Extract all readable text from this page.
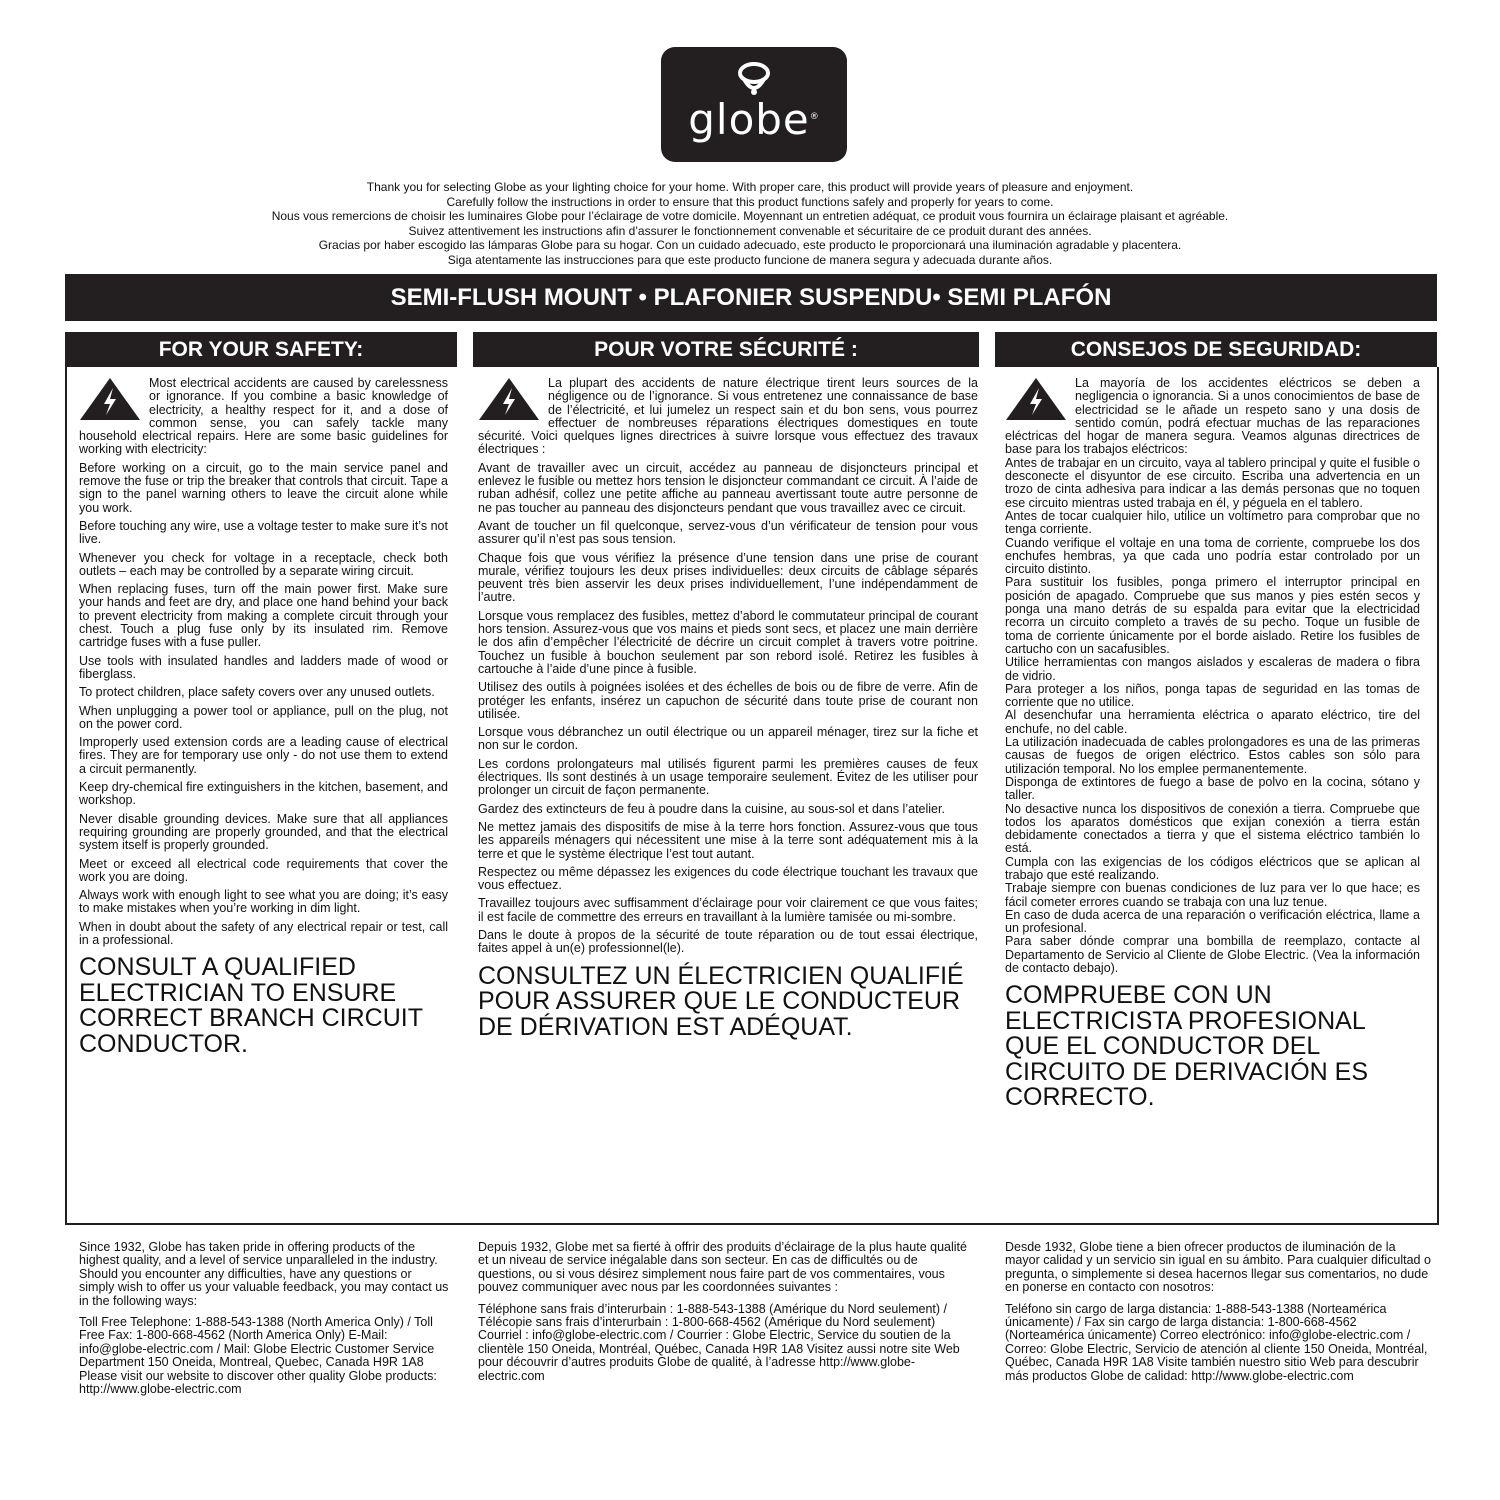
globe®

Thank you for selecting Globe as your lighting choice for your home. With proper care, this product will provide years of pleasure and enjoyment.

Carefully follow the instructions in order to ensure that this product functions safely and properly for years to come.

Nous vous remercions de choisir les luminaires Globe pour l’éclairage de votre domicile. Moyennant un entretien adéquat, ce produit vous fournira un éclairage plaisant et agréable.

Suivez attentivement les instructions afin d’assurer le fonctionnement convenable et sécuritaire de ce produit durant des années.

Gracias por haber escogido las lámparas Globe para su hogar. Con un cuidado adecuado, este producto le proporcionará una iluminación agradable y placentera.

Siga atentamente las instrucciones para que este producto funcione de manera segura y adecuada durante años.

SEMI-FLUSH MOUNT • PLAFONIER SUSPENDU• SEMI PLAFÓN
FOR YOUR SAFETY:	POUR VOTRE SÉCURITÉ :	CONSEJOS DE SEGURIDAD:

Most electrical accidents are caused by carelessness or ignorance. If you combine a basic knowledge of electricity, a healthy respect for it, and a dose of common sense, you can safely tackle many household electrical repairs. Here are some basic guidelines for working with electricity:

Before working on a circuit, go to the main service panel and remove the fuse or trip the breaker that controls that circuit. Tape a sign to the panel warning others to leave the circuit alone while you work.

Before touching any wire, use a voltage tester to make sure it’s not live.

Whenever you check for voltage in a receptacle, check both outlets – each may be controlled by a separate wiring circuit.

When replacing fuses, turn off the main power first. Make sure your hands and feet are dry, and place one hand behind your back to prevent electricity from making a complete circuit through your chest. Touch a plug fuse only by its insulated rim. Remove cartridge fuses with a fuse puller.

Use tools with insulated handles and ladders made of wood or fiberglass.

To protect children, place safety covers over any unused outlets.

When unplugging a power tool or appliance, pull on the plug, not on the power cord.

Improperly used extension cords are a leading cause of electrical fires. They are for temporary use only - do not use them to extend a circuit permanently.

Keep dry-chemical fire extinguishers in the kitchen, basement, and workshop.

Never disable grounding devices. Make sure that all appliances requiring grounding are properly grounded, and that the electrical system itself is properly grounded.

Meet or exceed all electrical code requirements that cover the work you are doing.

Always work with enough light to see what you are doing; it’s easy to make mistakes when you’re working in dim light.

When in doubt about the safety of any electrical repair or test, call in a professional.

CONSULT A QUALIFIED ELECTRICIAN TO ENSURE CORRECT BRANCH CIRCUIT CONDUCTOR.

La plupart des accidents de nature électrique tirent leurs sources de la négligence ou de l’ignorance. Si vous entretenez une connaissance de base de l’électricité, et lui jumelez un respect sain et du bon sens, vous pourrez effectuer de nombreuses réparations électriques domestiques en toute sécurité. Voici quelques lignes directrices à suivre lorsque vous effectuez des travaux électriques :

Avant de travailler avec un circuit, accédez au panneau de disjoncteurs principal et enlevez le fusible ou mettez hors tension le disjoncteur commandant ce circuit. À l’aide de ruban adhésif, collez une petite affiche au panneau avertissant toute autre personne de ne pas toucher au panneau des disjoncteurs pendant que vous travaillez avec ce circuit.

Avant de toucher un fil quelconque, servez-vous d’un vérificateur de tension pour vous assurer qu’il n’est pas sous tension.

Chaque fois que vous vérifiez la présence d’une tension dans une prise de courant murale, vérifiez toujours les deux prises individuelles: deux circuits de câblage séparés peuvent très bien asservir les deux prises individuellement, l’une indépendamment de l’autre.

Lorsque vous remplacez des fusibles, mettez d’abord le commutateur principal de courant hors tension. Assurez-vous que vos mains et pieds sont secs, et placez une main derrière le dos afin d’empêcher l’électricité de décrire un circuit complet à travers votre poitrine. Touchez un fusible à bouchon seulement par son rebord isolé. Retirez les fusibles à cartouche à l’aide d’une pince à fusible.

Utilisez des outils à poignées isolées et des échelles de bois ou de fibre de verre. Afin de protéger les enfants, insérez un capuchon de sécurité dans toute prise de courant non utilisée.

Lorsque vous débranchez un outil électrique ou un appareil ménager, tirez sur la fiche et non sur le cordon.

Les cordons prolongateurs mal utilisés figurent parmi les premières causes de feux électriques. Ils sont destinés à un usage temporaire seulement. Évitez de les utiliser pour prolonger un circuit de façon permanente.

Gardez des extincteurs de feu à poudre dans la cuisine, au sous-sol et dans l’atelier.

Ne mettez jamais des dispositifs de mise à la terre hors fonction. Assurez-vous que tous les appareils ménagers qui nécessitent une mise à la terre sont adéquatement mis à la terre et que le système électrique l’est tout autant.

Respectez ou même dépassez les exigences du code électrique touchant les travaux que vous effectuez.

Travaillez toujours avec suffisamment d’éclairage pour voir clairement ce que vous faites; il est facile de commettre des erreurs en travaillant à la lumière tamisée ou mi-sombre.

Dans le doute à propos de la sécurité de toute réparation ou de tout essai électrique, faites appel à un(e) professionnel(le).

CONSULTEZ UN ÉLECTRICIEN QUALIFIÉ POUR ASSURER QUE LE CONDUCTEUR DE DÉRIVATION EST ADÉQUAT.

La mayoría de los accidentes eléctricos se deben a negligencia o ignorancia. Si a unos conocimientos de base de electricidad se le añade un respeto sano y una dosis de sentido común, podrá efectuar muchas de las reparaciones eléctricas del hogar de manera segura. Veamos algunas directrices de base para los trabajos eléctricos:

Antes de trabajar en un circuito, vaya al tablero principal y quite el fusible o desconecte el disyuntor de ese circuito. Escriba una advertencia en un trozo de cinta adhesiva para indicar a las demás personas que no toquen ese circuito mientras usted trabaja en él, y péguela en el tablero.

Antes de tocar cualquier hilo, utilice un voltímetro para comprobar que no tenga corriente.

Cuando verifique el voltaje en una toma de corriente, compruebe los dos enchufes hembras, ya que cada uno podría estar controlado por un circuito distinto.

Para sustituir los fusibles, ponga primero el interruptor principal en posición de apagado. Compruebe que sus manos y pies estén secos y ponga una mano detrás de su espalda para evitar que la electricidad recorra un circuito completo a través de su pecho. Toque un fusible de toma de corriente únicamente por el borde aislado. Retire los fusibles de cartucho con un sacafusibles.

Utilice herramientas con mangos aislados y escaleras de madera o fibra de vidrio.

Para proteger a los niños, ponga tapas de seguridad en las tomas de corriente que no utilice.

Al desenchufar una herramienta eléctrica o aparato eléctrico, tire del enchufe, no del cable.

La utilización inadecuada de cables prolongadores es una de las primeras causas de fuegos de origen eléctrico. Estos cables son sólo para utilización temporal. No los emplee permanentemente.

Disponga de extintores de fuego a base de polvo en la cocina, sótano y taller.

No desactive nunca los dispositivos de conexión a tierra. Compruebe que todos los aparatos domésticos que exijan conexión a tierra están debidamente conectados a tierra y que el sistema eléctrico también lo está.

Cumpla con las exigencias de los códigos eléctricos que se aplican al trabajo que esté realizando.

Trabaje siempre con buenas condiciones de luz para ver lo que hace; es fácil cometer errores cuando se trabaja con una luz tenue.

En caso de duda acerca de una reparación o verificación eléctrica, llame a un profesional.

Para saber dónde comprar una bombilla de reemplazo, contacte al Departamento de Servicio al Cliente de Globe Electric. (Vea la información de contacto debajo).

COMPRUEBE CON UN ELECTRICISTA PROFESIONAL QUE EL CONDUCTOR DEL CIRCUITO DE DERIVACIÓN ES CORRECTO.

Since 1932, Globe has taken pride in offering products of the highest quality, and a level of service unparalleled in the industry. Should you encounter any difficulties, have any questions or simply wish to offer us your valuable feedback, you may contact us in the following ways:

Toll Free Telephone: 1-888-543-1388 (North America Only) / Toll Free Fax: 1-800-668-4562 (North America Only) E-Mail: info@globe-electric.com / Mail: Globe Electric Customer Service Department 150 Oneida, Montreal, Quebec, Canada H9R 1A8 Please visit our website to discover other quality Globe products: http://www.globe-electric.com

Depuis 1932, Globe met sa fierté à offrir des produits d’éclairage de la plus haute qualité et un niveau de service inégalable dans son secteur. En cas de difficultés ou de questions, ou si vous désirez simplement nous faire part de vos commentaires, vous pouvez communiquer avec nous par les coordonnées suivantes :

Téléphone sans frais d’interurbain : 1-888-543-1388 (Amérique du Nord seulement) / Télécopie sans frais d’interurbain : 1-800-668-4562 (Amérique du Nord seulement) Courriel : info@globe-electric.com / Courrier : Globe Electric, Service du soutien de la clientèle 150 Oneida, Montréal, Québec, Canada H9R 1A8 Visitez aussi notre site Web pour découvrir d’autres produits Globe de qualité, à l’adresse http://www.globe-electric.com

Desde 1932, Globe tiene a bien ofrecer productos de iluminación de la mayor calidad y un servicio sin igual en su ámbito. Para cualquier dificultad o pregunta, o simplemente si desea hacernos llegar sus comentarios, no dude en ponerse en contacto con nosotros:

Teléfono sin cargo de larga distancia: 1-888-543-1388 (Norteamérica únicamente) / Fax sin cargo de larga distancia: 1-800-668-4562 (Norteamérica únicamente) Correo electrónico: info@globe-electric.com / Correo: Globe Electric, Servicio de atención al cliente 150 Oneida, Montréal, Québec, Canada H9R 1A8 Visite también nuestro sitio Web para descubrir más productos Globe de calidad: http://www.globe-electric.com
